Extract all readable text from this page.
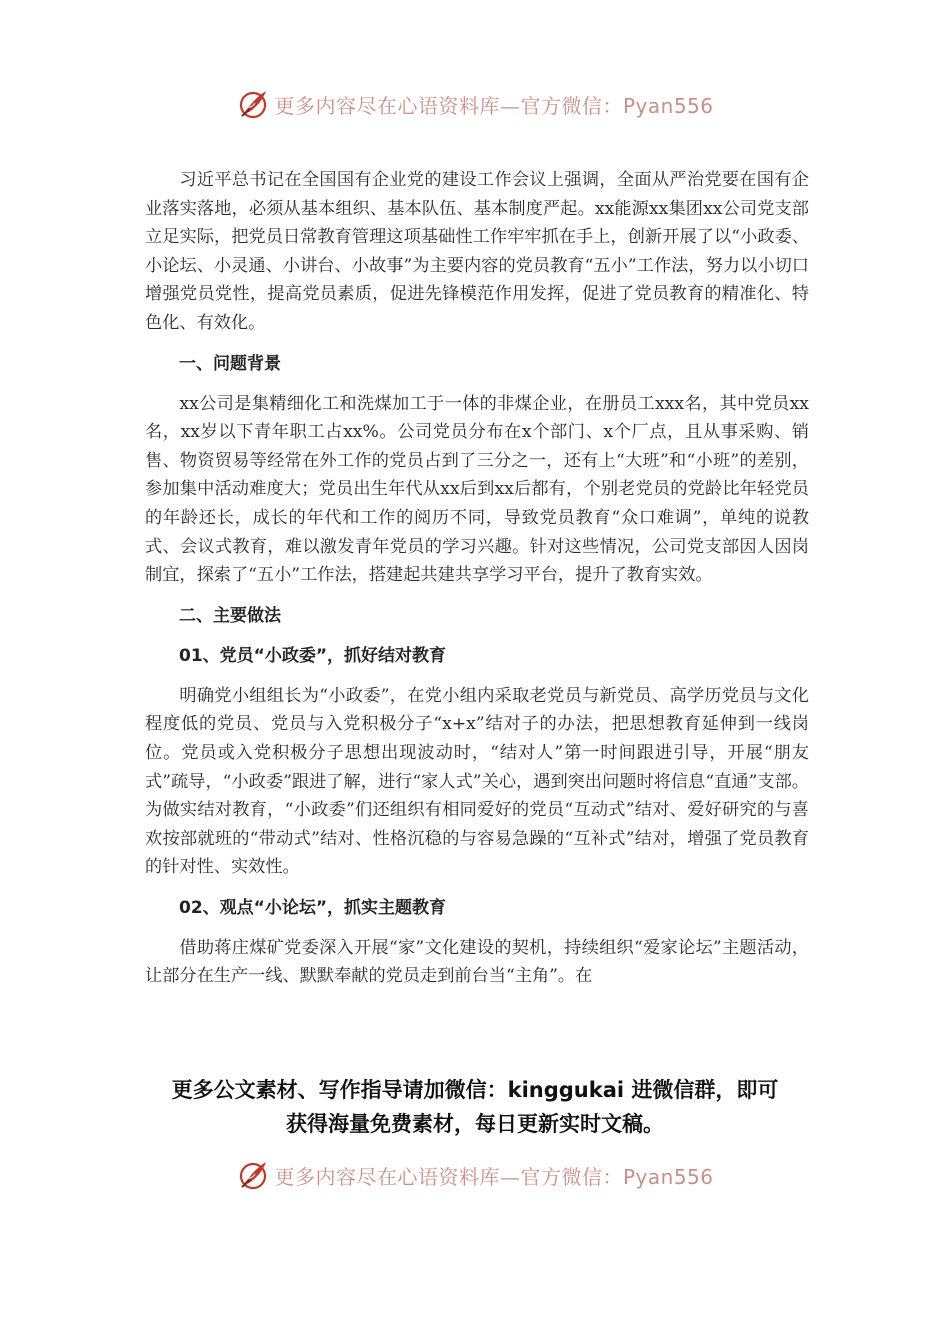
更多内容尽在心语资料库—官方微信：Pyan556

习近平总书记在全国国有企业党的建设工作会议上强调，全面从严治党要在国有企业落实落地，必须从基本组织、基本队伍、基本制度严起。xx能源xx集团xx公司党支部立足实际，把党员日常教育管理这项基础性工作牢牢抓在手上，创新开展了以“小政委、小论坛、小灵通、小讲台、小故事”为主要内容的党员教育“五小”工作法，努力以小切口增强党员党性，提高党员素质，促进先锋模范作用发挥，促进了党员教育的精准化、特色化、有效化。

一、问题背景

xx公司是集精细化工和洗煤加工于一体的非煤企业，在册员工xxx名，其中党员xx名，xx岁以下青年职工占xx%。公司党员分布在x个部门、x个厂点，且从事采购、销售、物资贸易等经常在外工作的党员占到了三分之一，还有上“大班”和“小班”的差别，参加集中活动难度大；党员出生年代从xx后到xx后都有，个别老党员的党龄比年轻党员的年龄还长，成长的年代和工作的阅历不同，导致党员教育“众口难调”，单纯的说教式、会议式教育，难以激发青年党员的学习兴趣。针对这些情况，公司党支部因人因岗制宜，探索了“五小”工作法，搭建起共建共享学习平台，提升了教育实效。

二、主要做法

01、党员“小政委”，抓好结对教育

明确党小组组长为“小政委”，在党小组内采取老党员与新党员、高学历党员与文化程度低的党员、党员与入党积极分子“x+x”结对子的办法，把思想教育延伸到一线岗位。党员或入党积极分子思想出现波动时，“结对人”第一时间跟进引导，开展“朋友式”疏导，“小政委”跟进了解，进行“家人式”关心，遇到突出问题时将信息“直通”支部。为做实结对教育，“小政委”们还组织有相同爱好的党员“互动式”结对、爱好研究的与喜欢按部就班的“带动式”结对、性格沉稳的与容易急躁的“互补式”结对，增强了党员教育的针对性、实效性。

02、观点“小论坛”，抓实主题教育

借助蒋庄煤矿党委深入开展“家”文化建设的契机，持续组织“爱家论坛”主题活动，让部分在生产一线、默默奉献的党员走到前台当“主角”。在

更多公文素材、写作指导请加微信：kinggukai 进微信群，即可
获得海量免费素材，每日更新实时文稿。
更多内容尽在心语资料库—官方微信：Pyan556
